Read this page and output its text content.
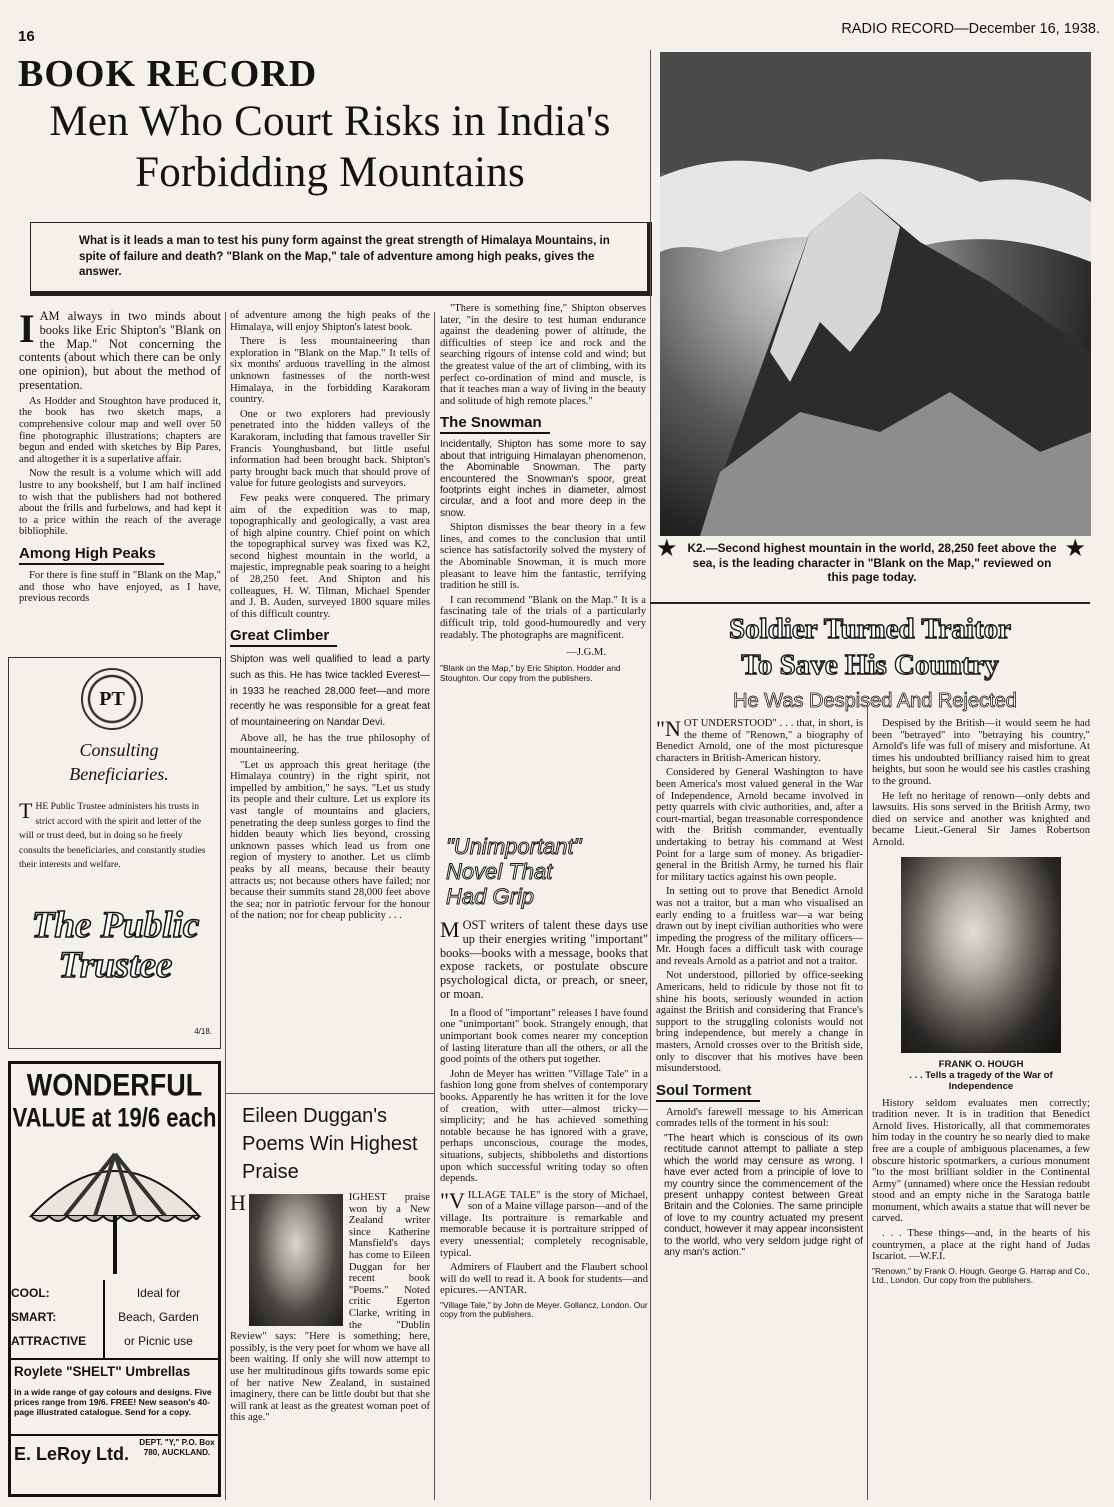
16	RADIO RECORD—December 16, 1938.
BOOK RECORD
Men Who Court Risks in India's Forbidding Mountains
What is it leads a man to test his puny form against the great strength of Himalaya Mountains, in spite of failure and death? "Blank on the Map," tale of adventure among high peaks, gives the answer.
I AM always in two minds about books like Eric Shipton's "Blank on the Map." Not concerning the contents (about which there can be only one opinion), but about the method of presentation.

As Hodder and Stoughton have produced it, the book has two sketch maps, a comprehensive colour map and well over 50 fine photographic illustrations; chapters are begun and ended with sketches by Bip Pares, and altogether it is a superlative affair.

Now the result is a volume which will add lustre to any bookshelf, but I am half inclined to wish that the publishers had not bothered about the frills and furbelows, and had kept it to a price within the reach of the average bibliophile.

Among High Peaks

For there is fine stuff in "Blank on the Map," and those who have enjoyed, as I have, previous records

PT
Consulting Beneficiaries.
T HE Public Trustee administers his trusts in strict accord with the spirit and letter of the will or trust deed, but in doing so he freely consults the beneficiaries, and constantly studies their interests and welfare.
The Public
Trustee
4/18.
WONDERFUL
VALUE at 19/6 each
COOL:	Ideal for
SMART:	Beach, Garden
ATTRACTIVE	or Picnic use
Roylete "SHELT" Umbrellas
in a wide range of gay colours and designs. Five prices range from 19/6. FREE! New season's 40-page illustrated catalogue. Send for a copy.
E. LeRoy Ltd.
DEPT. "Y," P.O. Box 780, AUCKLAND.

of adventure among the high peaks of the Himalaya, will enjoy Shipton's latest book.

There is less mountaineering than exploration in "Blank on the Map." It tells of six months' arduous travelling in the almost unknown fastnesses of the north-west Himalaya, in the forbidding Karakoram country.

One or two explorers had previously penetrated into the hidden valleys of the Karakoram, including that famous traveller Sir Francis Younghusband, but little useful information had been brought back. Shipton's party brought back much that should prove of value for future geologists and surveyors.

Few peaks were conquered. The primary aim of the expedition was to map, topographically and geologically, a vast area of high alpine country. Chief point on which the topographical survey was fixed was K2, second highest mountain in the world, a majestic, impregnable peak soaring to a height of 28,250 feet. And Shipton and his colleagues, H. W. Tilman, Michael Spender and J. B. Auden, surveyed 1800 square miles of this difficult country.

Great Climber

Shipton was well qualified to lead a party such as this. He has twice tackled Everest—in 1933 he reached 28,000 feet—and more recently he was responsible for a great feat of mountaineering on Nandar Devi.

Above all, he has the true philosophy of mountaineering.

"Let us approach this great heritage (the Himalaya country) in the right spirit, not impelled by ambition," he says. "Let us study its people and their culture. Let us explore its vast tangle of mountains and glaciers, penetrating the deep sunless gorges to find the hidden beauty which lies beyond, crossing unknown passes which lead us from one region of mystery to another. Let us climb peaks by all means, because their beauty attracts us; not because others have failed; nor because their summits stand 28,000 feet above the sea; nor in patriotic fervour for the honour of the nation; nor for cheap publicity . . .

Eileen Duggan's Poems Win Highest Praise
H	IGHEST praise won by a New Zealand writer since Katherine Mansfield's days has come to Eileen Duggan for her recent book "Poems." Noted critic Egerton Clarke, writing in the "Dublin Review" says: "Here is something; here, possibly, is the very poet for whom we have all been waiting. If only she will now attempt to use her multitudinous gifts towards some epic of her native New Zealand, in sustained imaginery, there can be little doubt but that she will rank at least as the greatest woman poet of this age."

"There is something fine," Shipton observes later, "in the desire to test human endurance against the deadening power of altitude, the difficulties of steep ice and rock and the searching rigours of intense cold and wind; but the greatest value of the art of climbing, with its perfect co-ordination of mind and muscle, is that it teaches man a way of living in the beauty and solitude of high remote places."

The Snowman

Incidentally, Shipton has some more to say about that intriguing Himalayan phenomenon, the Abominable Snowman. The party encountered the Snowman's spoor, great footprints eight inches in diameter, almost circular, and a foot and more deep in the snow.

Shipton dismisses the bear theory in a few lines, and comes to the conclusion that until science has satisfactorily solved the mystery of the Abominable Snowman, it is much more pleasant to leave him the fantastic, terrifying tradition he still is.

I can recommend "Blank on the Map." It is a fascinating tale of the trials of a particularly difficult trip, told good-humouredly and very readably. The photographs are magnificent.

—J.G.M.

"Blank on the Map," by Eric Shipton. Hodder and Stoughton. Our copy from the publishers.

"Unimportant" Novel That Had Grip
M OST writers of talent these days use up their energies writing "important" books—books with a message, books that expose rackets, or postulate obscure psychological dicta, or preach, or sneer, or moan.

In a flood of "important" releases I have found one "unimportant" book. Strangely enough, that unimportant book comes nearer my conception of lasting literature than all the others, or all the good points of the others put together.

John de Meyer has written "Village Tale" in a fashion long gone from shelves of contemporary books. Apparently he has written it for the love of creation, with utter—almost tricky—simplicity; and he has achieved something notable because he has ignored with a grave, perhaps unconscious, courage the modes, situations, subjects, shibboleths and distortions upon which successful writing today so often depends.

"V ILLAGE TALE" is the story of Michael, son of a Maine village parson—and of the village. Its portraiture is remarkable and memorable because it is portraiture stripped of every unessential; completely recognisable, typical.

Admirers of Flaubert and the Flaubert school will do well to read it. A book for students—and epicures.—ANTAR.

"Village Tale," by John de Meyer. Gollancz, London. Our copy from the publishers.

★	★
K2.—Second highest mountain in the world, 28,250 feet above the sea, is the leading character in "Blank on the Map," reviewed on this page today.
Soldier Turned Traitor
To Save His Country
He Was Despised And Rejected
"N OT UNDERSTOOD" . . . that, in short, is the theme of "Renown," a biography of Benedict Arnold, one of the most picturesque characters in British-American history.

Considered by General Washington to have been America's most valued general in the War of Independence, Arnold became involved in petty quarrels with civic authorities, and, after a court-martial, began treasonable correspondence with the British commander, eventually undertaking to betray his command at West Point for a large sum of money. As brigadier-general in the British Army, he turned his flair for military tactics against his own people.

In setting out to prove that Benedict Arnold was not a traitor, but a man who visualised an early ending to a fruitless war—a war being drawn out by inept civilian authorities who were impeding the progress of the military officers—Mr. Hough faces a difficult task with courage and reveals Arnold as a patriot and not a traitor.

Not understood, pilloried by office-seeking Americans, held to ridicule by those not fit to shine his boots, seriously wounded in action against the British and considering that France's support to the struggling colonists would not bring independence, but merely a change in masters, Arnold crosses over to the British side, only to discover that his motives have been misunderstood.

Soul Torment

Arnold's farewell message to his American comrades tells of the torment in his soul:

"The heart which is conscious of its own rectitude cannot attempt to palliate a step which the world may censure as wrong. I have ever acted from a principle of love to my country since the commencement of the present unhappy contest between Great Britain and the Colonies. The same principle of love to my country actuated my present conduct, however it may appear inconsistent to the world, who very seldom judge right of any man's action."

Despised by the British—it would seem he had been "betrayed" into "betraying his country," Arnold's life was full of misery and misfortune. At times his undoubted brilliancy raised him to great heights, but soon he would see his castles crashing to the ground.

He left no heritage of renown—only debts and lawsuits. His sons served in the British Army, two died on service and another was knighted and became Lieut.-General Sir James Robertson Arnold.

FRANK O. HOUGH
. . . Tells a tragedy of the War of Independence

History seldom evaluates men correctly; tradition never. It is in tradition that Benedict Arnold lives. Historically, all that commemorates him today in the country he so nearly died to make free are a couple of ambiguous placenames, a few obscure historic spotmarkers, a curious monument "to the most brilliant soldier in the Continental Army" (unnamed) where once the Hessian redoubt stood and an empty niche in the Saratoga battle monument, which awaits a statue that will never be carved.

. . . These things—and, in the hearts of his countrymen, a place at the right hand of Judas Iscariot. —W.F.I.

"Renown," by Frank O. Hough. George G. Harrap and Co., Ltd., London. Our copy from the publishers.
